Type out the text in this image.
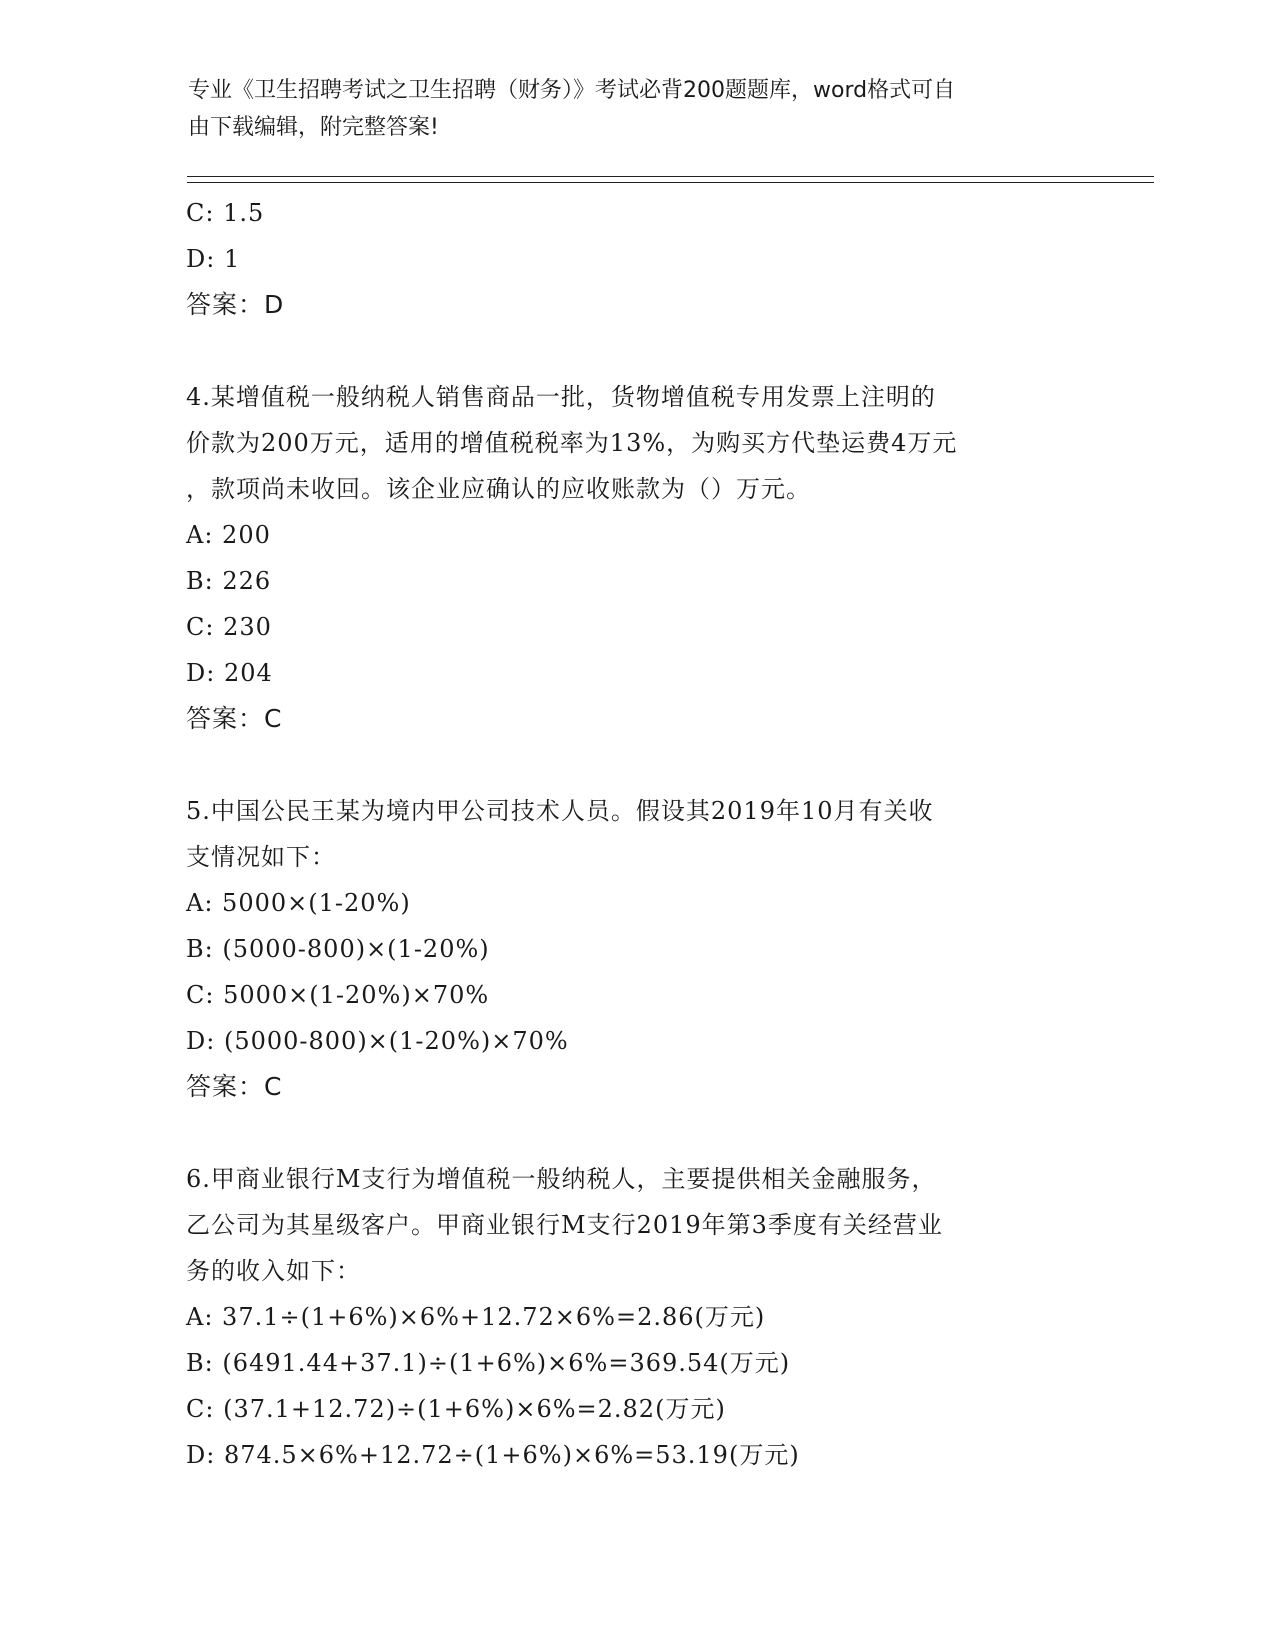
专业《卫生招聘考试之卫生招聘（财务）》考试必背200题题库，word格式可自
由下载编辑，附完整答案!

C: 1.5

D: 1

答案：D

4.某增值税一般纳税人销售商品一批，货物增值税专用发票上注明的

价款为200万元，适用的增值税税率为13%，为购买方代垫运费4万元

，款项尚未收回。该企业应确认的应收账款为（）万元。

A: 200

B: 226

C: 230

D: 204

答案：C

5.中国公民王某为境内甲公司技术人员。假设其2019年10月有关收

支情况如下：

A: 5000×(1-20%)

B: (5000-800)×(1-20%)

C: 5000×(1-20%)×70%

D: (5000-800)×(1-20%)×70%

答案：C

6.甲商业银行M支行为增值税一般纳税人，主要提供相关金融服务，

乙公司为其星级客户。甲商业银行M支行2019年第3季度有关经营业

务的收入如下：

A: 37.1÷(1+6%)×6%+12.72×6%=2.86(万元)

B: (6491.44+37.1)÷(1+6%)×6%=369.54(万元)

C: (37.1+12.72)÷(1+6%)×6%=2.82(万元)

D: 874.5×6%+12.72÷(1+6%)×6%=53.19(万元)
